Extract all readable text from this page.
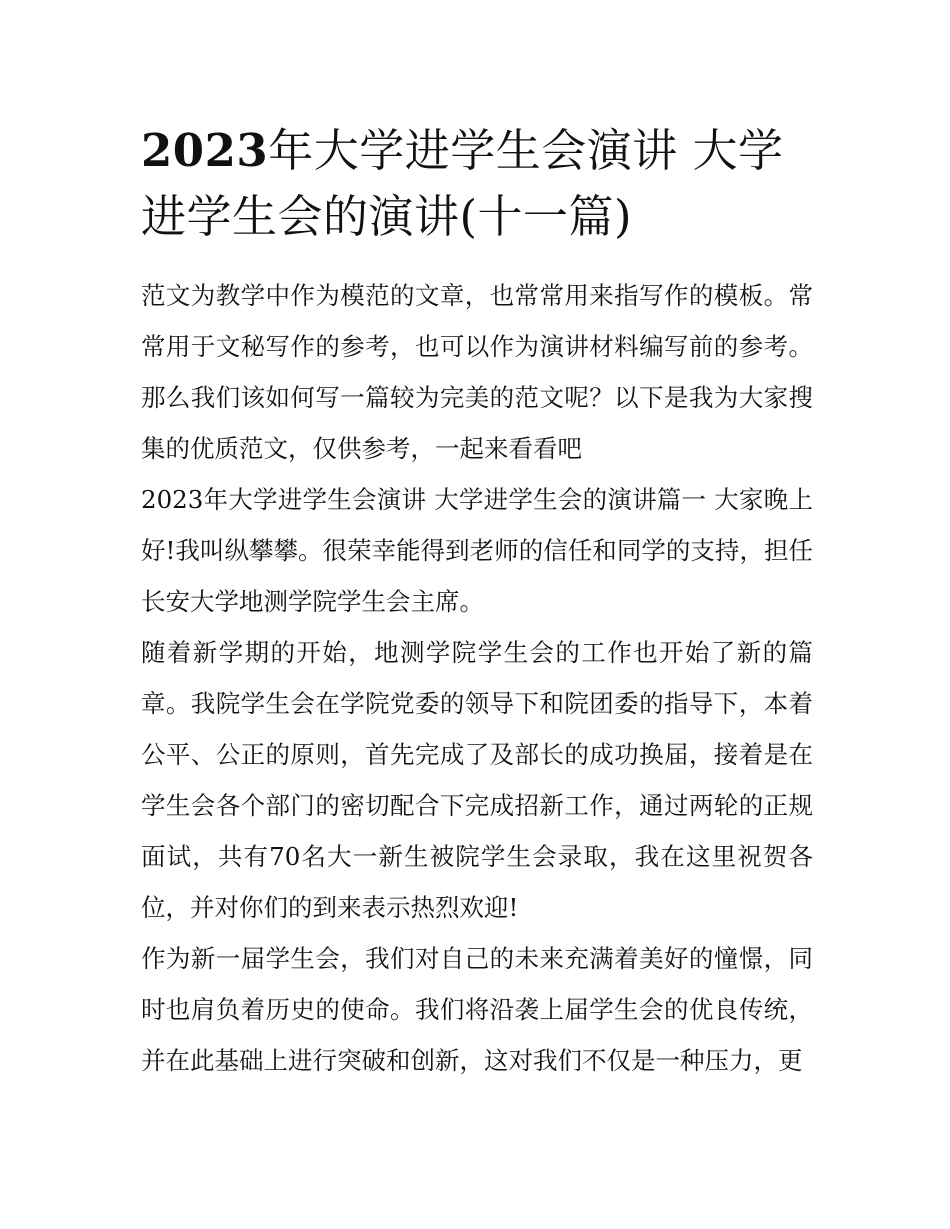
2023年大学进学生会演讲 大学进学生会的演讲(十一篇)

范文为教学中作为模范的文章，也常常用来指写作的模板。常常用于文秘写作的参考，也可以作为演讲材料编写前的参考。那么我们该如何写一篇较为完美的范文呢？以下是我为大家搜集的优质范文，仅供参考，一起来看看吧

2023年大学进学生会演讲 大学进学生会的演讲篇一 大家晚上好!我叫纵攀攀。很荣幸能得到老师的信任和同学的支持，担任长安大学地测学院学生会主席。

随着新学期的开始，地测学院学生会的工作也开始了新的篇章。我院学生会在学院党委的领导下和院团委的指导下，本着公平、公正的原则，首先完成了及部长的成功换届，接着是在学生会各个部门的密切配合下完成招新工作，通过两轮的正规面试，共有70名大一新生被院学生会录取，我在这里祝贺各位，并对你们的到来表示热烈欢迎!

作为新一届学生会，我们对自己的未来充满着美好的憧憬，同时也肩负着历史的使命。我们将沿袭上届学生会的优良传统，并在此基础上进行突破和创新，这对我们不仅是一种压力，更
